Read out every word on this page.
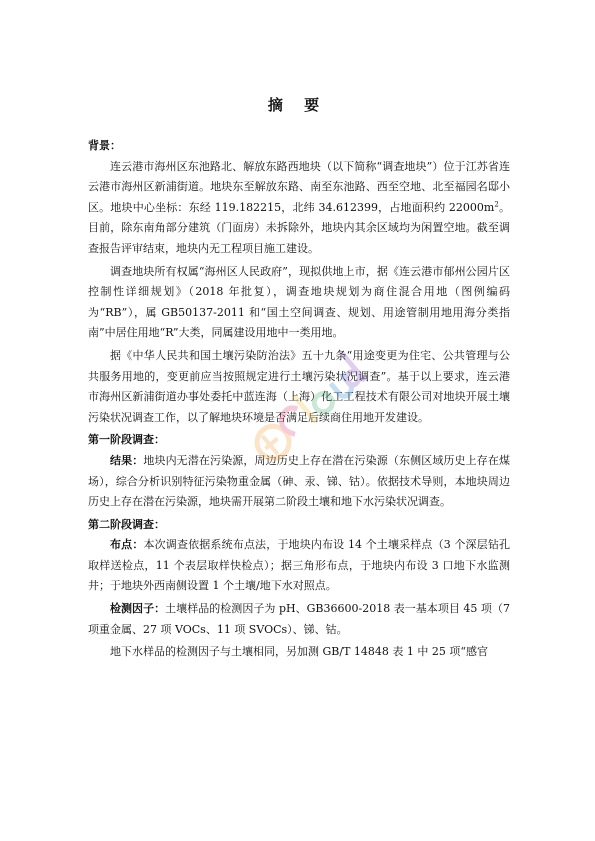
摘 要

背景：

连云港市海州区东池路北、解放东路西地块（以下简称“调查地块”）位于江苏省连云港市海州区新浦街道。地块东至解放东路、南至东池路、西至空地、北至福园名邸小区。地块中心坐标：东经 119.182215，北纬 34.612399，占地面积约 $22000m^2$。目前，除东南角部分建筑（门面房）未拆除外，地块内其余区域均为闲置空地。截至调查报告评审结束，地块内无工程项目施工建设。

调查地块所有权属“海州区人民政府”，现拟供地上市，据《连云港市郁州公园片区控制性详细规划》（2018 年批复），调查地块规划为商住混合用地（图例编码为“RB”），属 GB50137-2011 和“国土空间调查、规划、用途管制用地用海分类指南”中居住用地“R”大类，同属建设用地中一类用地。

据《中华人民共和国土壤污染防治法》五十九条“用途变更为住宅、公共管理与公共服务用地的，变更前应当按照规定进行土壤污染状况调查”。基于以上要求，连云港市海州区新浦街道办事处委托中蓝连海（上海）化工工程技术有限公司对地块开展土壤污染状况调查工作，以了解地块环境是否满足后续商住用地开发建设。

第一阶段调查：

结果：地块内无潜在污染源，周边历史上存在潜在污染源（东侧区域历史上存在煤场），综合分析识别特征污染物重金属（砷、汞、锑、钴）。依据技术导则，本地块周边历史上存在潜在污染源，地块需开展第二阶段土壤和地下水污染状况调查。

第二阶段调查：

布点：本次调查依据系统布点法，于地块内布设 14 个土壤采样点（3 个深层钻孔取样送检点，11 个表层取样快检点）；据三角形布点，于地块内布设 3 口地下水监测井；于地块外西南侧设置 1 个土壤/地下水对照点。

检测因子：土壤样品的检测因子为 pH、GB36600-2018 表一基本项目 45 项（7 项重金属、27 项 VOCs、11 项 SVOCs）、锑、钴。

地下水样品的检测因子与土壤相同，另加测 GB/T 14848 表 1 中 25 项“感官
